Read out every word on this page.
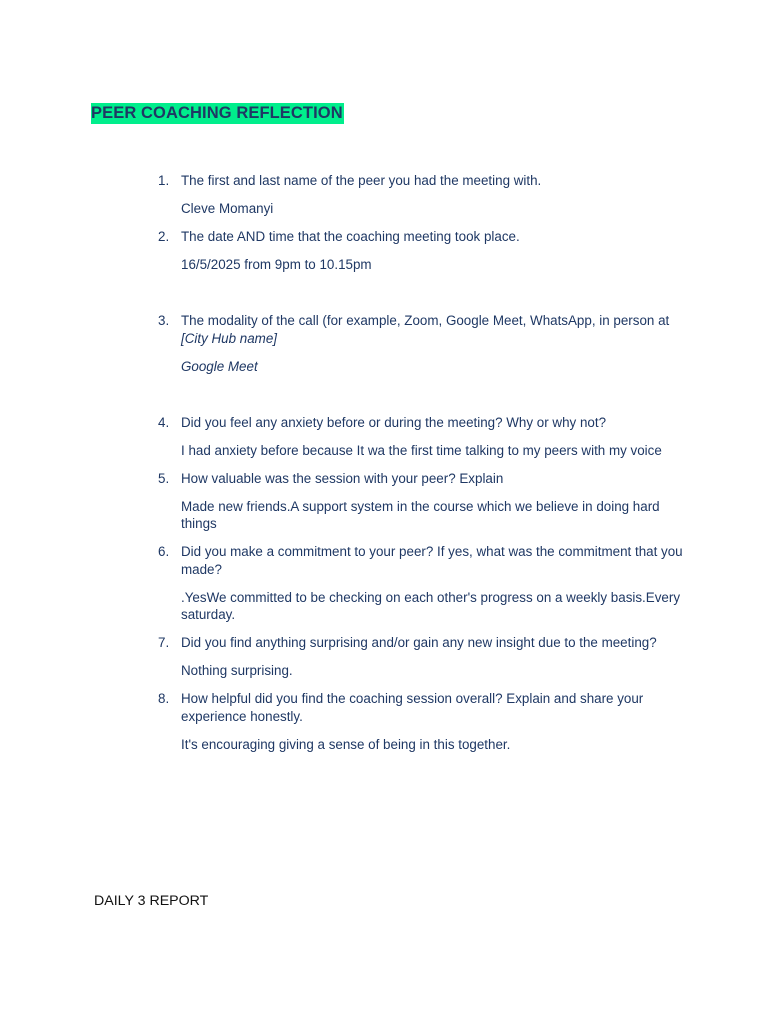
PEER COACHING REFLECTION
1. The first and last name of the peer you had the meeting with.
Cleve Momanyi
2. The date AND time that the coaching meeting took place.
16/5/2025 from 9pm to 10.15pm
3. The modality of the call (for example, Zoom, Google Meet, WhatsApp, in person at
[City Hub name]
Google Meet
4. Did you feel any anxiety before or during the meeting? Why or why not?
I had anxiety before because It wa the first time talking to my peers with my voice
5. How valuable was the session with your peer? Explain
Made new friends.A support system in the course which we believe in doing hard things
6. Did you make a commitment to your peer? If yes, what was the commitment that you made?
.YesWe committed to be checking on each other's progress on a weekly basis.Every saturday.
7. Did you find anything surprising and/or gain any new insight due to the meeting?
Nothing surprising.
8. How helpful did you find the coaching session overall? Explain and share your experience honestly.
It's encouraging giving a sense of being in this together.
DAILY 3 REPORT
